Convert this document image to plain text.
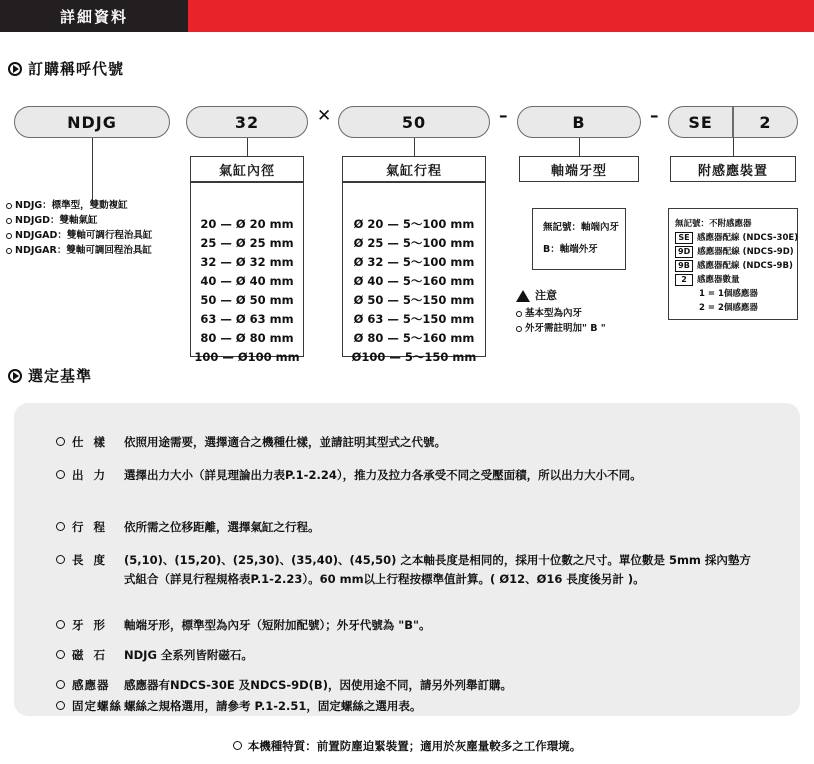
詳細資料
訂購稱呼代號
NDJG	32	✕	50	–	B	–	SE	2
氣缸內徑	氣缸行程	軸端牙型	附感應裝置
NDJG：標準型，雙動複缸
NDJGD：雙軸氣缸
NDJGAD：雙軸可調行程治具缸
NDJGAR：雙軸可調回程治具缸
20 — Ø 20 mm
25 — Ø 25 mm
32 — Ø 32 mm
40 — Ø 40 mm
50 — Ø 50 mm
63 — Ø 63 mm
80 — Ø 80 mm
100 — Ø100 mm
Ø 20 — 5～100 mm
Ø 25 — 5～100 mm
Ø 32 — 5～100 mm
Ø 40 — 5～160 mm
Ø 50 — 5～150 mm
Ø 63 — 5～150 mm
Ø 80 — 5～160 mm
Ø100 — 5～150 mm
無記號：軸端內牙
B：軸端外牙
注意
基本型為內牙
外牙需註明加" B "
無記號：不附感應器
SE 感應器配線 (NDCS-30E)
9D 感應器配線 (NDCS-9D)
9B 感應器配線 (NDCS-9B)
2	感應器數量
1 = 1個感應器
2 = 2個感應器
選定基準
仕樣 依照用途需要，選擇適合之機種仕樣，並請註明其型式之代號。
出力 選擇出力大小（詳見理論出力表P.1-2.24），推力及拉力各承受不同之受壓面積，所以出力大小不同。
行程 依所需之位移距離，選擇氣缸之行程。
長度 (5,10)、(15,20)、(25,30)、(35,40)、(45,50) 之本軸長度是相同的，採用十位數之尺寸。單位數是 5mm 採內墊方式組合（詳見行程規格表P.1-2.23）。60 mm以上行程按標準值計算。( Ø12、Ø16 長度後另計 )。
牙形 軸端牙形，標準型為內牙（短附加配號）；外牙代號為 "B"。
磁石 NDJG 全系列皆附磁石。
感應器	感應器有NDCS-30E 及NDCS-9D(B)，因使用途不同，請另外列舉訂購。
固定螺絲 螺絲之規格選用，請參考 P.1-2.51，固定螺絲之選用表。
本機種特質：前置防塵迫緊裝置；適用於灰塵量較多之工作環境。
